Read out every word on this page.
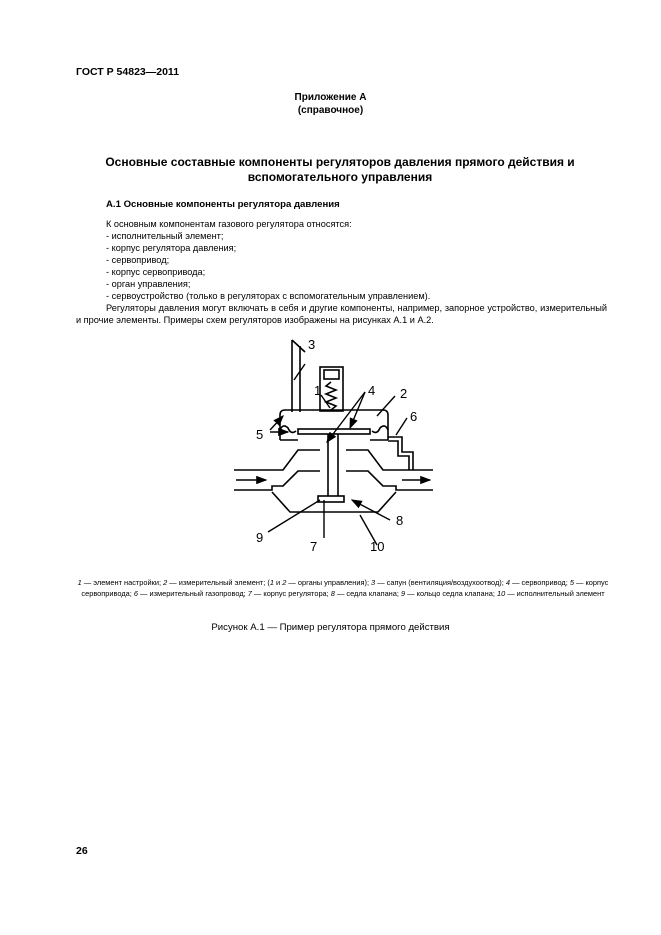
ГОСТ Р 54823—2011
Приложение А
(справочное)
Основные составные компоненты регуляторов давления прямого действия и
вспомогательного управления
А.1 Основные компоненты регулятора давления
К основным компонентам газового регулятора относятся:
- исполнительный элемент;
- корпус регулятора давления;
- сервопривод;
- корпус сервопривода;
- орган управления;
- сервоустройство (только в регуляторах с вспомогательным управлением).
Регуляторы давления могут включать в себя и другие компоненты, например, запорное устройство, измерительный и прочие элементы. Примеры схем регуляторов изображены на рисунках А.1 и А.2.
3
1	4 2
6
5
8
9
7	10
1 — элемент настройки; 2 — измерительный элемент; (1 и 2 — органы управления); 3 — сапун (вентиляция/воздухоотвод); 4 — сервопривод; 5 — корпус сервопривода; 6 — измерительный газопровод; 7 — корпус регулятора; 8 — седла клапана; 9 — кольцо седла клапана; 10 — исполнительный элемент
Рисунок А.1 — Пример регулятора прямого действия
26
